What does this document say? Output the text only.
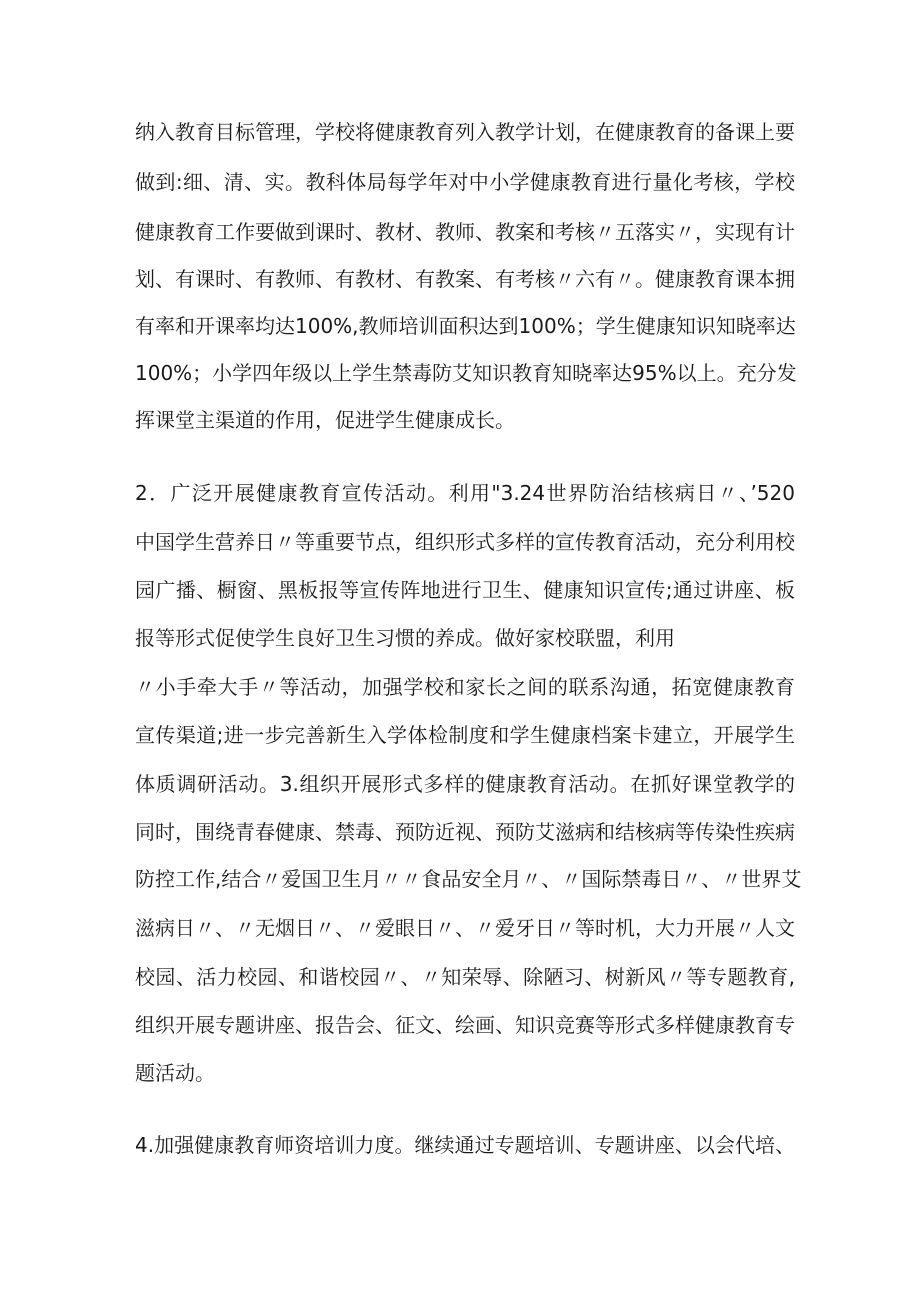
纳入教育目标管理，学校将健康教育列入教学计划，在健康教育的备课上要
做到:细、清、实。教科体局每学年对中小学健康教育进行量化考核，学校
健康教育工作要做到课时、教材、教师、教案和考核〃五落实〃，实现有计
划、有课时、有教师、有教材、有教案、有考核〃六有〃。健康教育课本拥
有率和开课率均达100%,教师培训面积达到100%；学生健康知识知晓率达
100%；小学四年级以上学生禁毒防艾知识教育知晓率达95%以上。充分发
挥课堂主渠道的作用，促进学生健康成长。
2．广泛开展健康教育宣传活动。利用"3.24世界防治结核病日〃、’520
中国学生营养日〃等重要节点，组织形式多样的宣传教育活动，充分利用校
园广播、橱窗、黑板报等宣传阵地进行卫生、健康知识宣传;通过讲座、板
报等形式促使学生良好卫生习惯的养成。做好家校联盟，利用
〃小手牵大手〃等活动，加强学校和家长之间的联系沟通，拓宽健康教育
宣传渠道;进一步完善新生入学体检制度和学生健康档案卡建立，开展学生
体质调研活动。3.组织开展形式多样的健康教育活动。在抓好课堂教学的
同时，围绕青春健康、禁毒、预防近视、预防艾滋病和结核病等传染性疾病
防控工作,结合〃爱国卫生月〃〃食品安全月〃、〃国际禁毒日〃、〃世界艾
滋病日〃、〃无烟日〃、〃爱眼日〃、〃爱牙日〃等时机，大力开展〃人文
校园、活力校园、和谐校园〃、〃知荣辱、除陋习、树新风〃等专题教育,
组织开展专题讲座、报告会、征文、绘画、知识竞赛等形式多样健康教育专
题活动。
4.加强健康教育师资培训力度。继续通过专题培训、专题讲座、以会代培、
